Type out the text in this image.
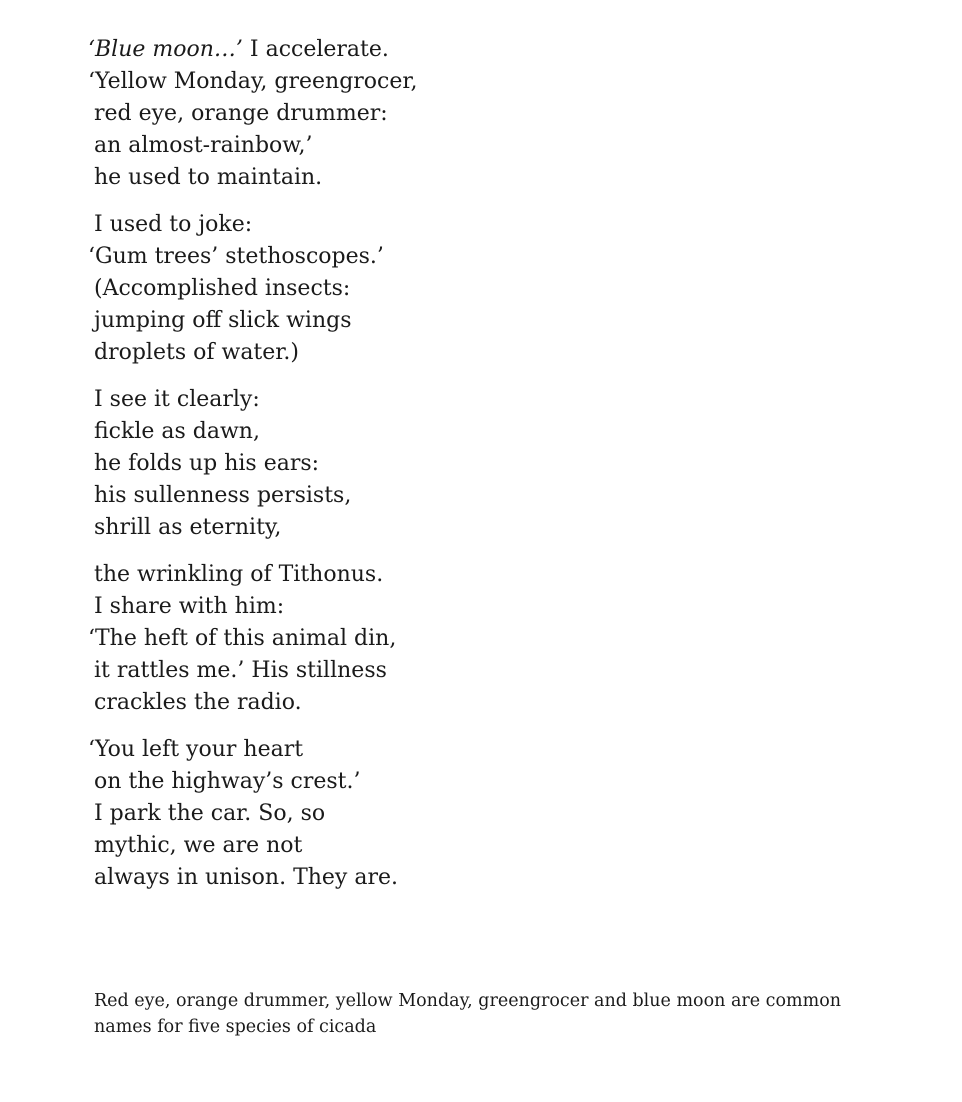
‘Blue moon…’ I accelerate.
‘Yellow Monday, greengrocer,
red eye, orange drummer:
an almost-rainbow,’
he used to maintain.
I used to joke:
‘Gum trees’ stethoscopes.’
(Accomplished insects:
jumping off slick wings
droplets of water.)
I see it clearly:
fickle as dawn,
he folds up his ears:
his sullenness persists,
shrill as eternity,
the wrinkling of Tithonus.
I share with him:
‘The heft of this animal din,
it rattles me.’ His stillness
crackles the radio.
‘You left your heart
on the highway’s crest.’
I park the car. So, so
mythic, we are not
always in unison. They are.
Red eye, orange drummer, yellow Monday, greengrocer and blue moon are common
names for five species of cicada
